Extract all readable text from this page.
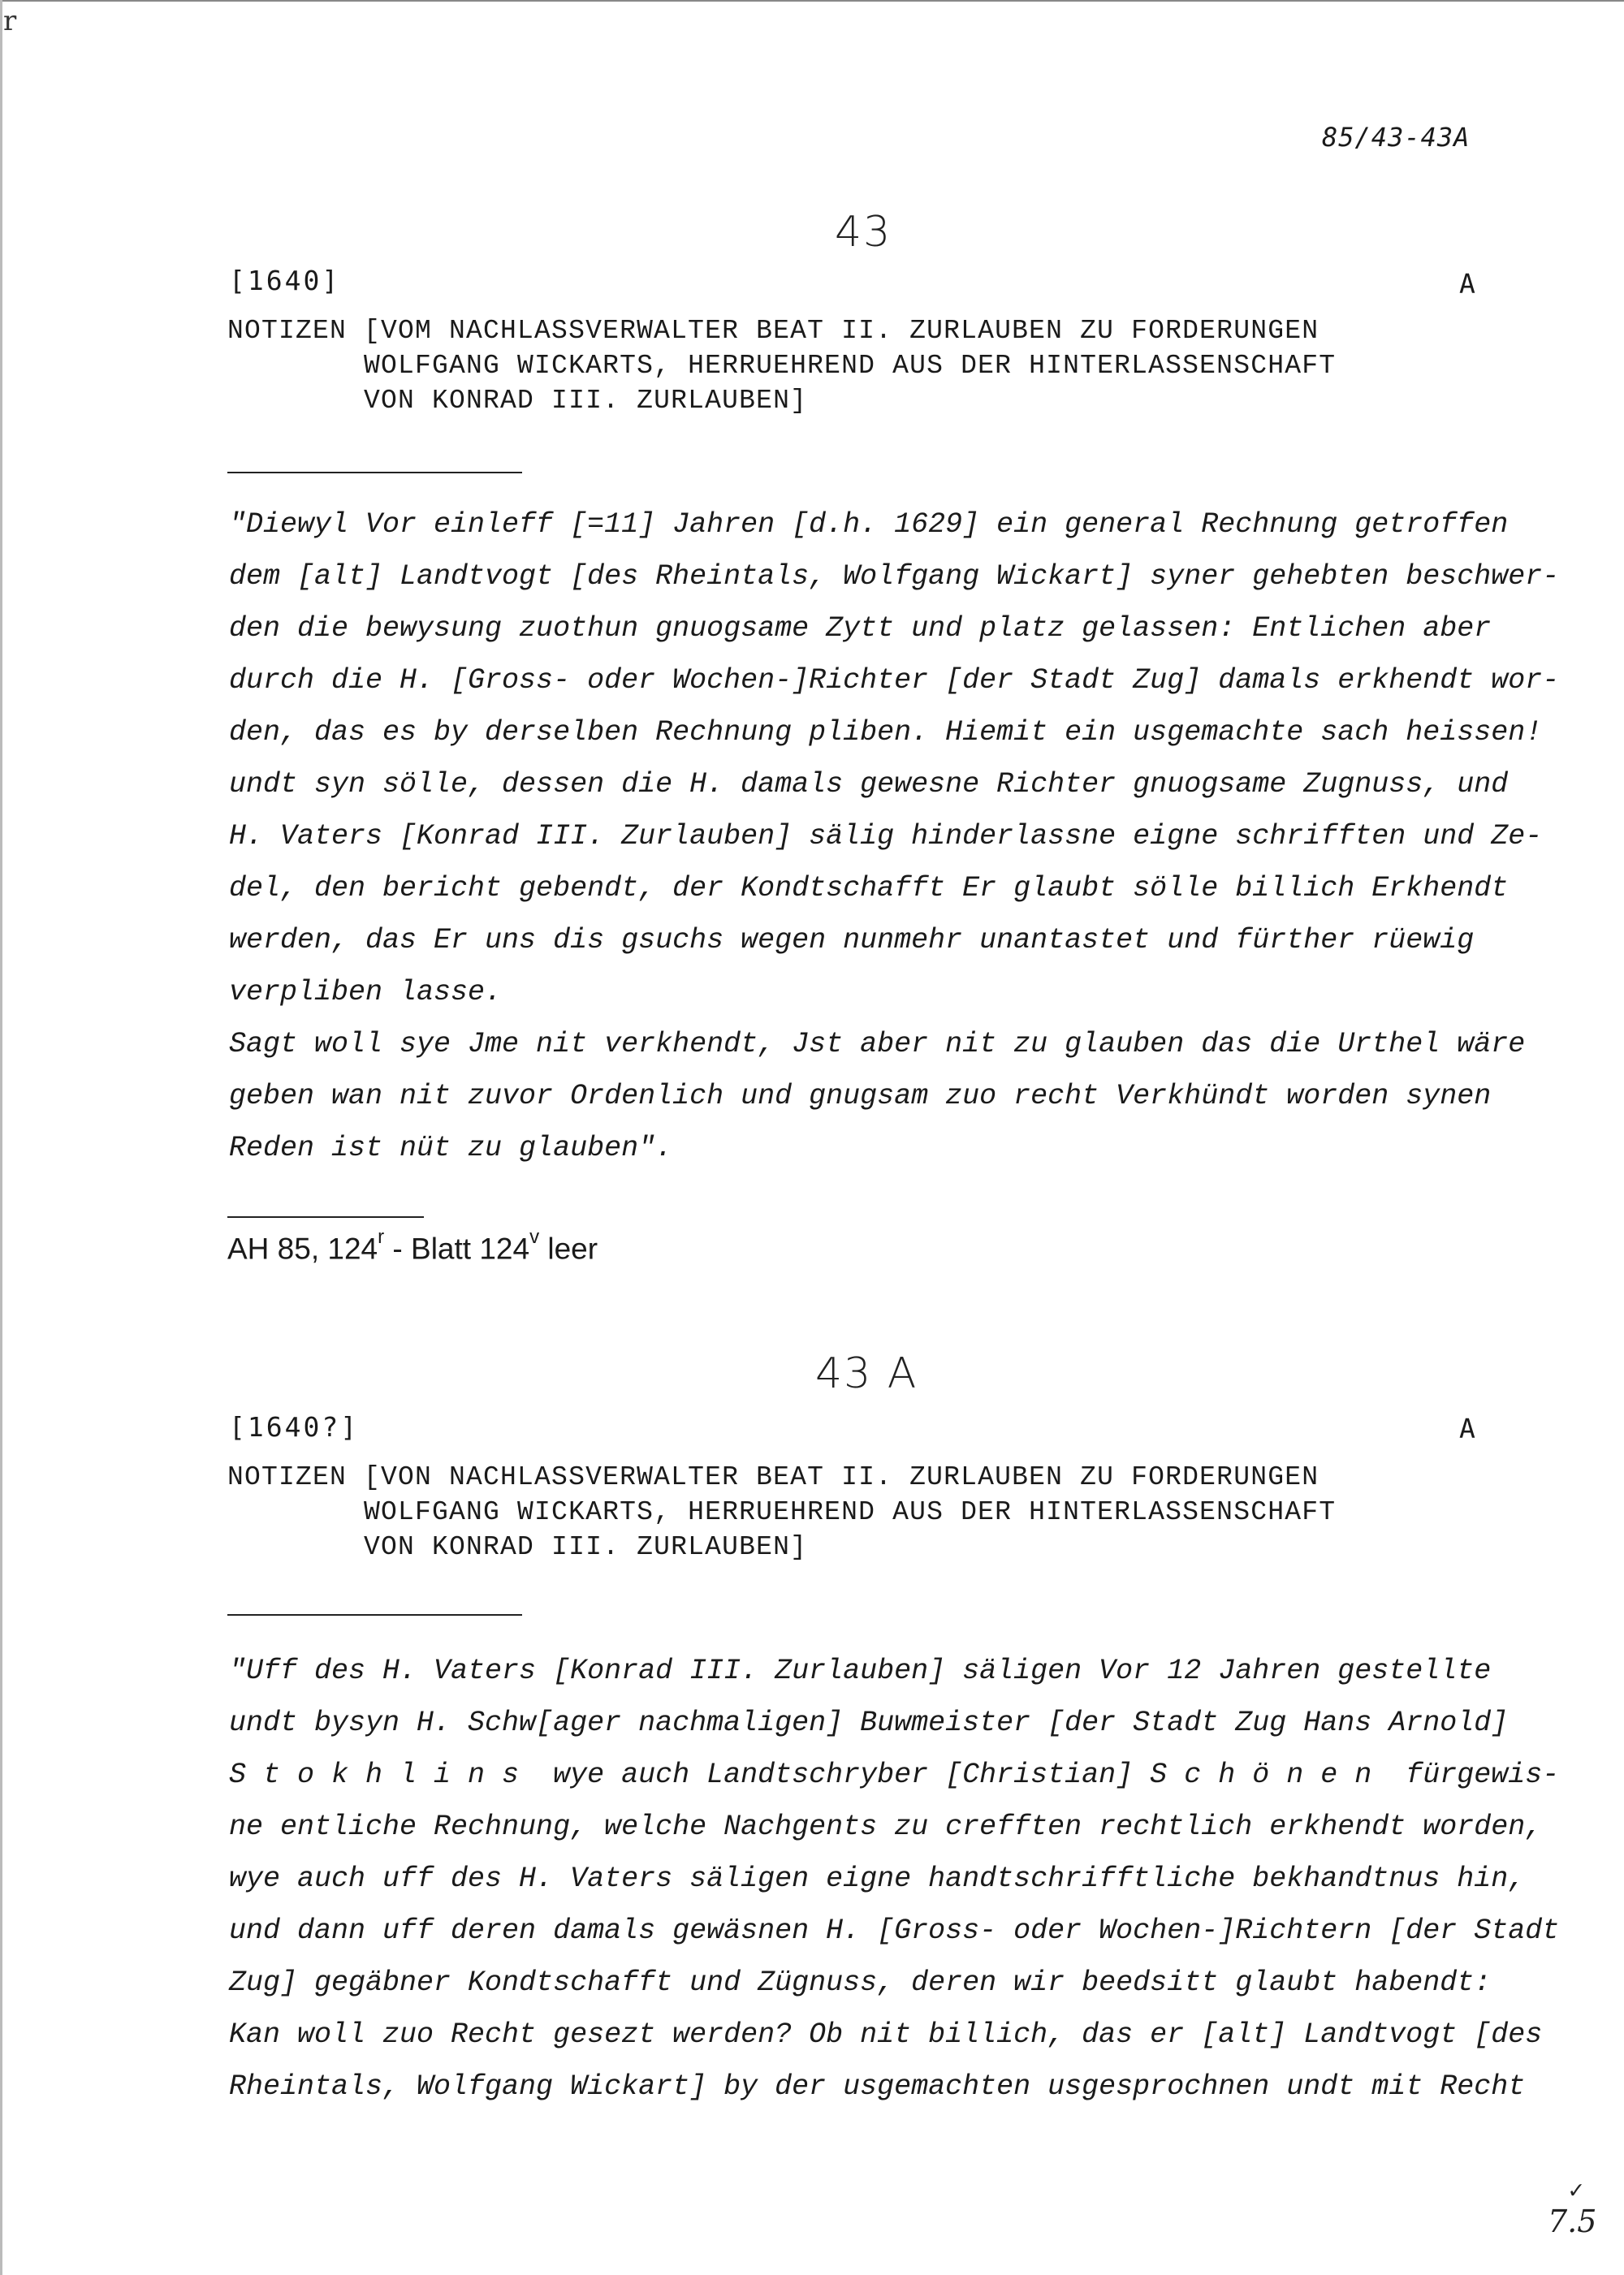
r
85/43-43A
43
[1640]	A
NOTIZEN [VOM NACHLASSVERWALTER BEAT II. ZURLAUBEN ZU FORDERUNGEN
WOLFGANG WICKARTS, HERRUEHREND AUS DER HINTERLASSENSCHAFT
VON KONRAD III. ZURLAUBEN]
"Diewyl Vor einleff [=11] Jahren [d.h. 1629] ein general Rechnung getroffen
dem [alt] Landtvogt [des Rheintals, Wolfgang Wickart] syner gehebten beschwer-
den die bewysung zuothun gnuogsame Zytt und platz gelassen: Entlichen aber
durch die H. [Gross- oder Wochen-]Richter [der Stadt Zug] damals erkhendt wor-
den, das es by derselben Rechnung pliben. Hiemit ein usgemachte sach heissen!
undt syn sölle, dessen die H. damals gewesne Richter gnuogsame Zugnuss, und
H. Vaters [Konrad III. Zurlauben] sälig hinderlassne eigne schrifften und Ze-
del, den bericht gebendt, der Kondtschafft Er glaubt sölle billich Erkhendt
werden, das Er uns dis gsuchs wegen nunmehr unantastet und fürther rüewig
verpliben lasse.
Sagt woll sye Jme nit verkhendt, Jst aber nit zu glauben das die Urthel wäre
geben wan nit zuvor Ordenlich und gnugsam zuo recht Verkhündt worden synen
Reden ist nüt zu glauben".
AH 85, 124$^r$ - Blatt 124$^v$ leer
43 A
[1640?]	A
NOTIZEN [VON NACHLASSVERWALTER BEAT II. ZURLAUBEN ZU FORDERUNGEN
WOLFGANG WICKARTS, HERRUEHREND AUS DER HINTERLASSENSCHAFT
VON KONRAD III. ZURLAUBEN]
"Uff des H. Vaters [Konrad III. Zurlauben] säligen Vor 12 Jahren gestellte
undt bysyn H. Schw[ager nachmaligen] Buwmeister [der Stadt Zug Hans Arnold]
S t o k h l i n s  wye auch Landtschryber [Christian] S c h ö n e n  fürgewis-
ne entliche Rechnung, welche Nachgents zu crefften rechtlich erkhendt worden,
wye auch uff des H. Vaters säligen eigne handtschrifftliche bekhandtnus hin,
und dann uff deren damals gewäsnen H. [Gross- oder Wochen-]Richtern [der Stadt
Zug] gegäbner Kondtschafft und Zügnuss, deren wir beedsitt glaubt habendt:
Kan woll zuo Recht gesezt werden? Ob nit billich, das er [alt] Landtvogt [des
Rheintals, Wolfgang Wickart] by der usgemachten usgesprochnen undt mit Recht
✓
7.5
